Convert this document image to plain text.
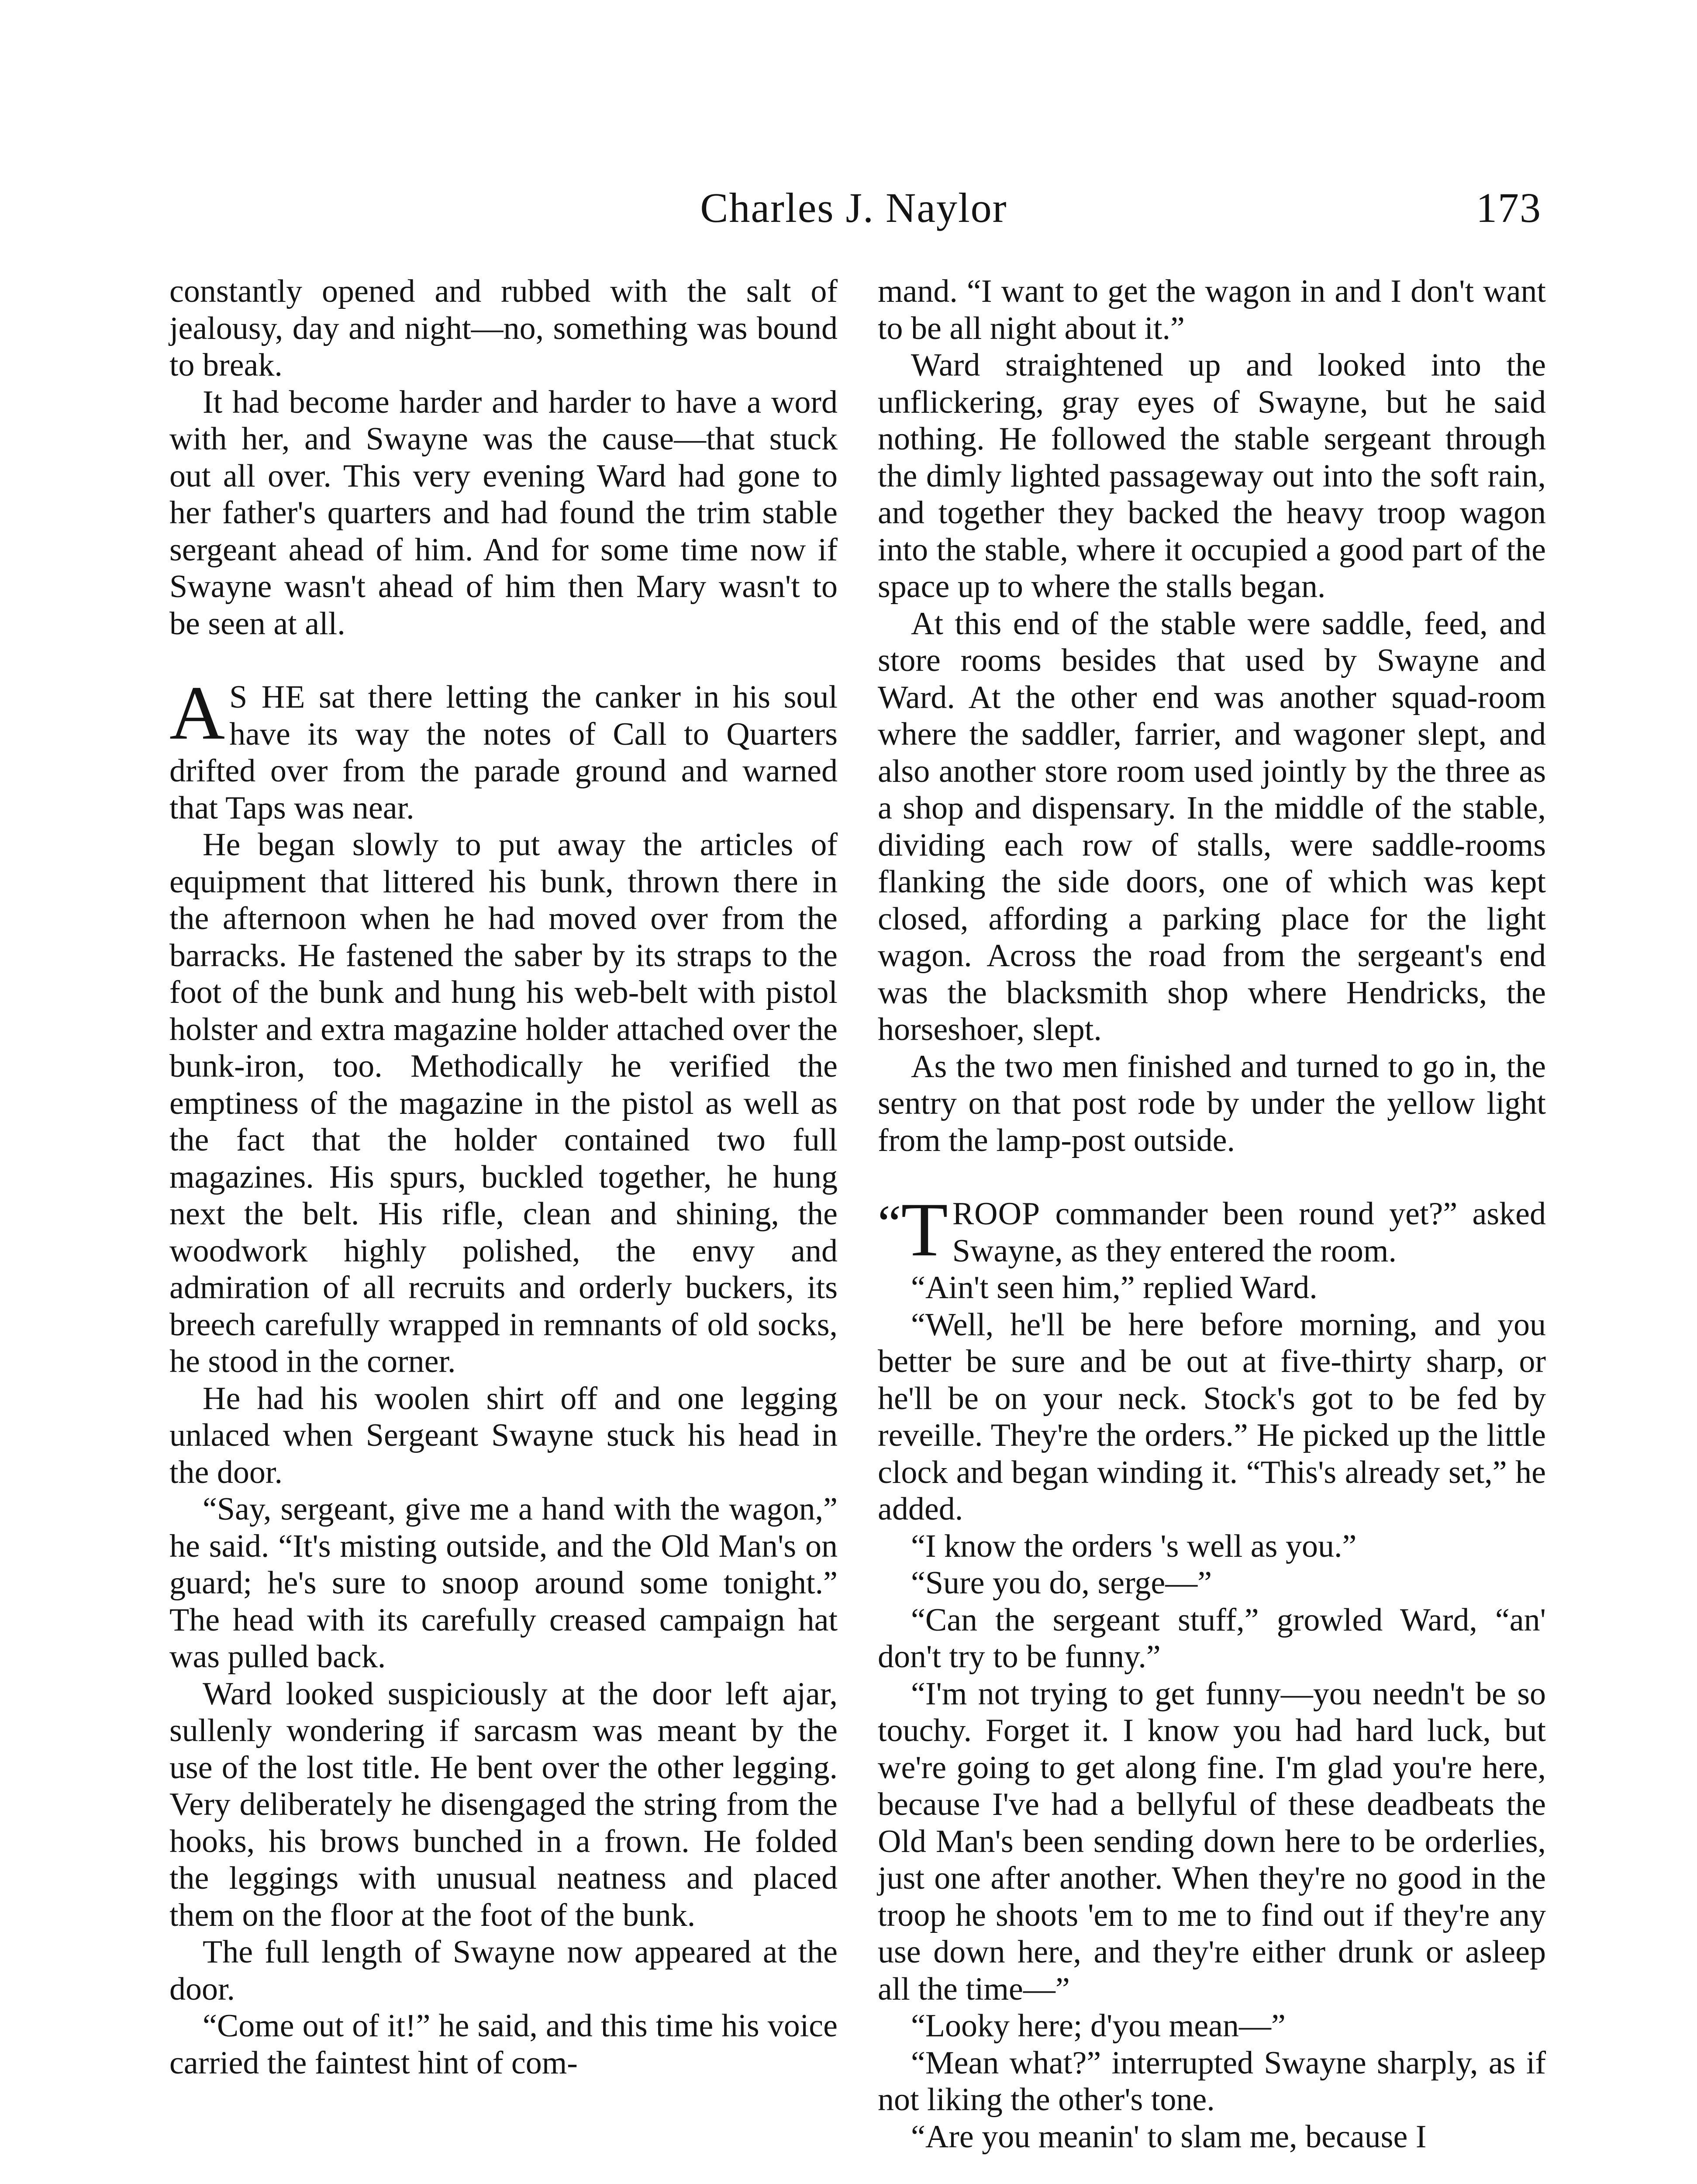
Charles J. Naylor	173

constantly opened and rubbed with the salt of jealousy, day and night—no, something was bound to break.

It had become harder and harder to have a word with her, and Swayne was the cause—that stuck out all over. This very evening Ward had gone to her father's quarters and had found the trim stable sergeant ahead of him. And for some time now if Swayne wasn't ahead of him then Mary wasn't to be seen at all.

A S HE sat there letting the canker in his soul have its way the notes of Call to Quarters drifted over from the parade ground and warned that Taps was near.

He began slowly to put away the articles of equipment that littered his bunk, thrown there in the afternoon when he had moved over from the barracks. He fastened the saber by its straps to the foot of the bunk and hung his web-belt with pistol holster and extra magazine holder attached over the bunk-iron, too. Methodically he verified the emptiness of the magazine in the pistol as well as the fact that the holder contained two full magazines. His spurs, buckled together, he hung next the belt. His rifle, clean and shining, the woodwork highly polished, the envy and admiration of all recruits and orderly buckers, its breech carefully wrapped in remnants of old socks, he stood in the corner.

He had his woolen shirt off and one legging unlaced when Sergeant Swayne stuck his head in the door.

“Say, sergeant, give me a hand with the wagon,” he said. “It's misting outside, and the Old Man's on guard; he's sure to snoop around some tonight.” The head with its carefully creased campaign hat was pulled back.

Ward looked suspiciously at the door left ajar, sullenly wondering if sarcasm was meant by the use of the lost title. He bent over the other legging. Very deliberately he disengaged the string from the hooks, his brows bunched in a frown. He folded the leggings with unusual neatness and placed them on the floor at the foot of the bunk.

The full length of Swayne now appeared at the door.

“Come out of it!” he said, and this time his voice carried the faintest hint of com-

mand. “I want to get the wagon in and I don't want to be all night about it.”

Ward straightened up and looked into the unflickering, gray eyes of Swayne, but he said nothing. He followed the stable sergeant through the dimly lighted passageway out into the soft rain, and together they backed the heavy troop wagon into the stable, where it occupied a good part of the space up to where the stalls began.

At this end of the stable were saddle, feed, and store rooms besides that used by Swayne and Ward. At the other end was another squad-room where the saddler, farrier, and wagoner slept, and also another store room used jointly by the three as a shop and dispensary. In the middle of the stable, dividing each row of stalls, were saddle-rooms flanking the side doors, one of which was kept closed, affording a parking place for the light wagon. Across the road from the sergeant's end was the blacksmith shop where Hendricks, the horseshoer, slept.

As the two men finished and turned to go in, the sentry on that post rode by under the yellow light from the lamp-post outside.

“T ROOP commander been round yet?” asked Swayne, as they entered the room.

“Ain't seen him,” replied Ward.

“Well, he'll be here before morning, and you better be sure and be out at five-thirty sharp, or he'll be on your neck. Stock's got to be fed by reveille. They're the orders.” He picked up the little clock and began winding it. “This's already set,” he added.

“I know the orders 's well as you.”

“Sure you do, serge—”

“Can the sergeant stuff,” growled Ward, “an' don't try to be funny.”

“I'm not trying to get funny—you needn't be so touchy. Forget it. I know you had hard luck, but we're going to get along fine. I'm glad you're here, because I've had a bellyful of these deadbeats the Old Man's been sending down here to be orderlies, just one after another. When they're no good in the troop he shoots 'em to me to find out if they're any use down here, and they're either drunk or asleep all the time—”

“Looky here; d'you mean—”

“Mean what?” interrupted Swayne sharply, as if not liking the other's tone.

“Are you meanin' to slam me, because I
